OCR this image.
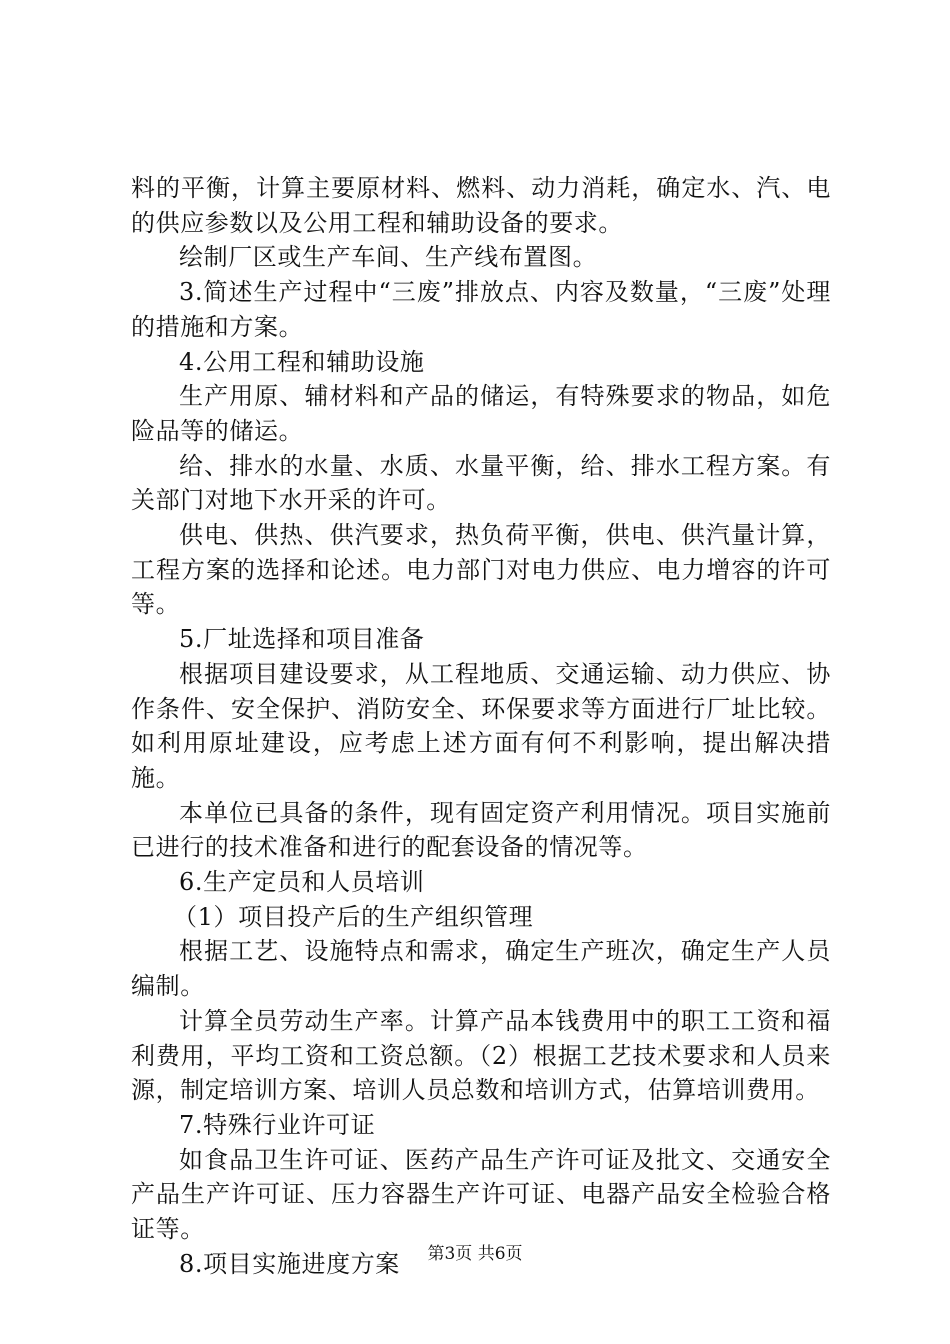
料的平衡，计算主要原材料、燃料、动力消耗，确定水、汽、电的供应参数以及公用工程和辅助设备的要求。

绘制厂区或生产车间、生产线布置图。

3.简述生产过程中“三废”排放点、内容及数量，“三废”处理的措施和方案。

4.公用工程和辅助设施

生产用原、辅材料和产品的储运，有特殊要求的物品，如危险品等的储运。

给、排水的水量、水质、水量平衡，给、排水工程方案。有关部门对地下水开采的许可。

供电、供热、供汽要求，热负荷平衡，供电、供汽量计算，工程方案的选择和论述。电力部门对电力供应、电力增容的许可等。

5.厂址选择和项目准备

根据项目建设要求，从工程地质、交通运输、动力供应、协作条件、安全保护、消防安全、环保要求等方面进行厂址比较。如利用原址建设，应考虑上述方面有何不利影响，提出解决措施。

本单位已具备的条件，现有固定资产利用情况。项目实施前已进行的技术准备和进行的配套设备的情况等。

6.生产定员和人员培训

（1）项目投产后的生产组织管理

根据工艺、设施特点和需求，确定生产班次，确定生产人员编制。

计算全员劳动生产率。计算产品本钱费用中的职工工资和福利费用，平均工资和工资总额。（2）根据工艺技术要求和人员来源，制定培训方案、培训人员总数和培训方式，估算培训费用。

7.特殊行业许可证

如食品卫生许可证、医药产品生产许可证及批文、交通安全产品生产许可证、压力容器生产许可证、电器产品安全检验合格证等。

8.项目实施进度方案	第3页 共6页
